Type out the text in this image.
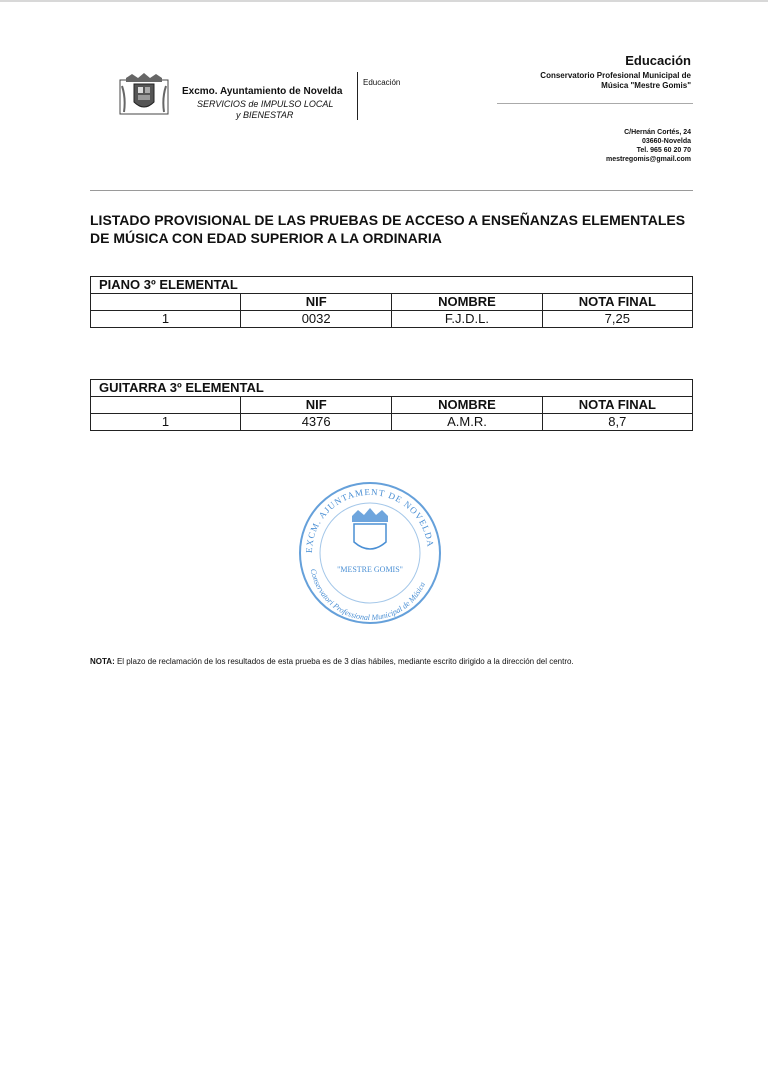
Excmo. Ayuntamiento de Novelda
SERVICIOS de IMPULSO LOCAL
y BIENESTAR
Educación
Educación
Conservatorio Profesional Municipal de
Música "Mestre Gomis"
C/Hernán Cortés, 24
03660-Novelda
Tel. 965 60 20 70
mestregomis@gmail.com
LISTADO PROVISIONAL DE LAS PRUEBAS DE ACCESO A ENSEÑANZAS ELEMENTALES DE MÚSICA CON EDAD SUPERIOR A LA ORDINARIA
PIANO 3º ELEMENTAL			
	NIF	NOMBRE	NOTA FINAL
1	0032	F.J.D.L.	7,25
GUITARRA 3º ELEMENTAL			
	NIF	NOMBRE	NOTA FINAL
1	4376	A.M.R.	8,7
EXCM. AJUNTAMENT DE NOVELDA
Conservatori Professional Municipal de Música
"MESTRE GOMIS"
NOTA: El plazo de reclamación de los resultados de esta prueba es de 3 días hábiles, mediante escrito dirigido a la dirección del centro.
